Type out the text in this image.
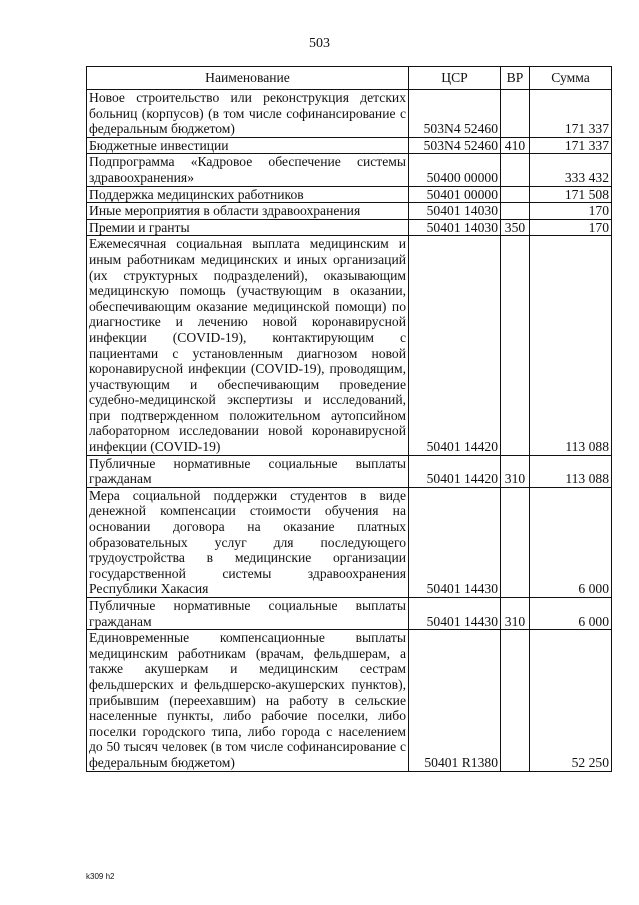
503
Наименование	ЦСР	ВР	Сумма
Новое строительство или реконструкция детских больниц (корпусов) (в том числе софинансирование с федеральным бюджетом)	503N4 52460		171 337
Бюджетные инвестиции	503N4 52460	410	171 337
Подпрограмма «Кадровое обеспечение системы здравоохранения»	50400 00000		333 432
Поддержка медицинских работников	50401 00000		171 508
Иные мероприятия в области здравоохранения	50401 14030		170
Премии и гранты	50401 14030	350	170
Ежемесячная социальная выплата медицинским и иным работникам медицинских и иных организаций (их структурных подразделений), оказывающим медицинскую помощь (участвующим в оказании, обеспечивающим оказание медицинской помощи) по диагностике и лечению новой коронавирусной инфекции (COVID-19), контактирующим с пациентами с установленным диагнозом новой коронавирусной инфекции (COVID-19), проводящим, участвующим и обеспечивающим проведение судебно-медицинской экспертизы и исследований, при подтвержденном положительном аутопсийном лабораторном исследовании новой коронавирусной инфекции (COVID-19)	50401 14420		113 088
Публичные нормативные социальные выплаты гражданам	50401 14420	310	113 088
Мера социальной поддержки студентов в виде денежной компенсации стоимости обучения на основании договора на оказание платных образовательных услуг для последующего трудоустройства в медицинские организации государственной системы здравоохранения Республики Хакасия	50401 14430		6 000
Публичные нормативные социальные выплаты гражданам	50401 14430	310	6 000
Единовременные компенсационные выплаты медицинским работникам (врачам, фельдшерам, а также акушеркам и медицинским сестрам фельдшерских и фельдшерско-акушерских пунктов), прибывшим (переехавшим) на работу в сельские населенные пункты, либо рабочие поселки, либо поселки городского типа, либо города с населением до 50 тысяч человек (в том числе софинансирование с федеральным бюджетом)	50401 R1380		52 250
k309 h2
